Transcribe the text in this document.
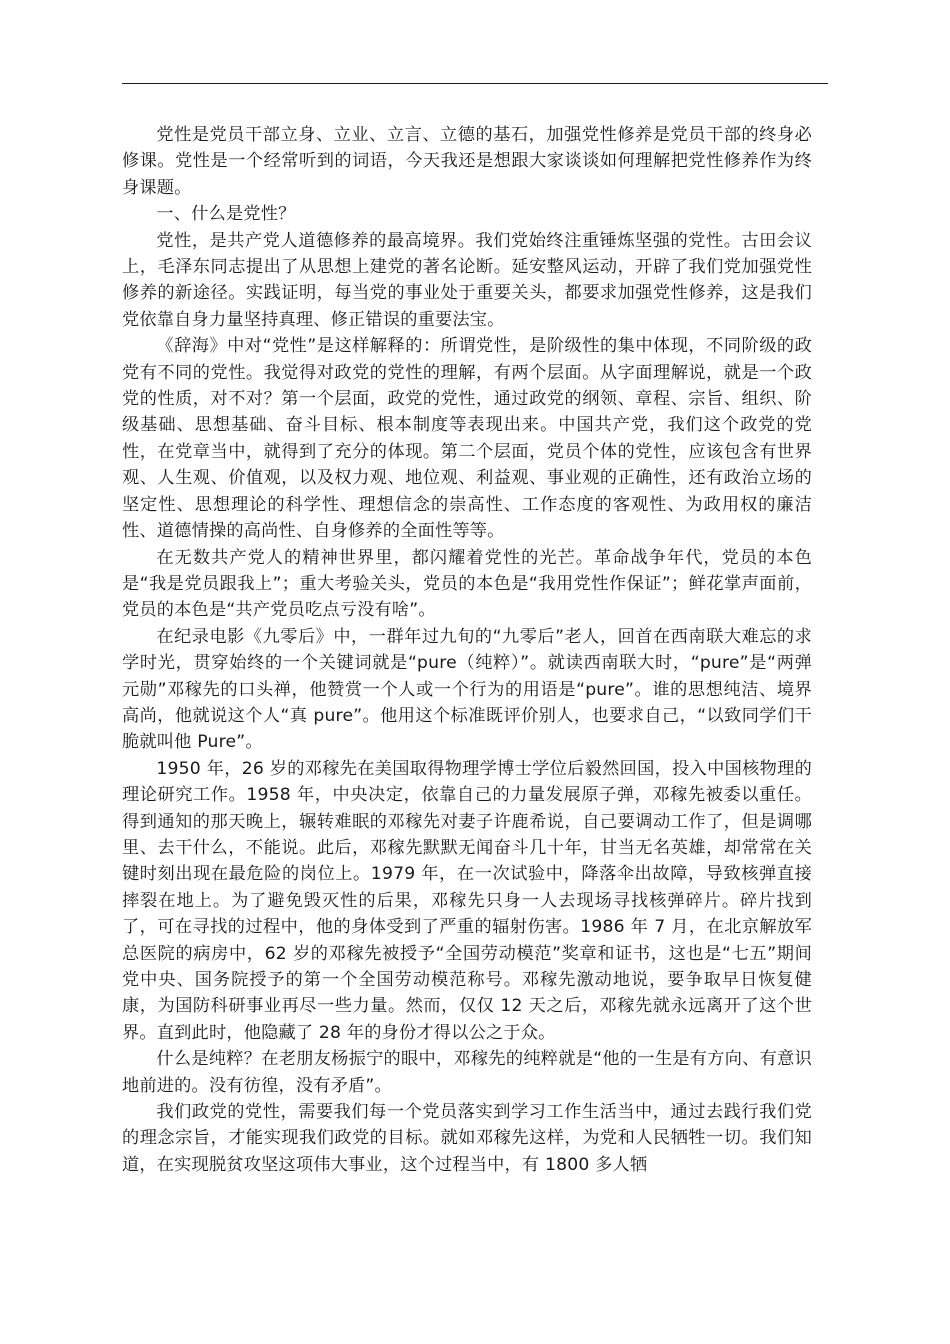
党性是党员干部立身、立业、立言、立德的基石，加强党性修养是党员干部的终身必修课。党性是一个经常听到的词语，今天我还是想跟大家谈谈如何理解把党性修养作为终身课题。

一、什么是党性？

党性，是共产党人道德修养的最高境界。我们党始终注重锤炼坚强的党性。古田会议上，毛泽东同志提出了从思想上建党的著名论断。延安整风运动，开辟了我们党加强党性修养的新途径。实践证明，每当党的事业处于重要关头，都要求加强党性修养，这是我们党依靠自身力量坚持真理、修正错误的重要法宝。

《辞海》中对“党性”是这样解释的：所谓党性，是阶级性的集中体现，不同阶级的政党有不同的党性。我觉得对政党的党性的理解，有两个层面。从字面理解说，就是一个政党的性质，对不对？第一个层面，政党的党性，通过政党的纲领、章程、宗旨、组织、阶级基础、思想基础、奋斗目标、根本制度等表现出来。中国共产党，我们这个政党的党性，在党章当中，就得到了充分的体现。第二个层面，党员个体的党性，应该包含有世界观、人生观、价值观，以及权力观、地位观、利益观、事业观的正确性，还有政治立场的坚定性、思想理论的科学性、理想信念的崇高性、工作态度的客观性、为政用权的廉洁性、道德情操的高尚性、自身修养的全面性等等。

在无数共产党人的精神世界里，都闪耀着党性的光芒。革命战争年代，党员的本色是“我是党员跟我上”；重大考验关头，党员的本色是“我用党性作保证”；鲜花掌声面前，党员的本色是“共产党员吃点亏没有啥”。

在纪录电影《九零后》中，一群年过九旬的“九零后”老人，回首在西南联大难忘的求学时光，贯穿始终的一个关键词就是“pure（纯粹）”。就读西南联大时，“pure”是“两弹元勋”邓稼先的口头禅，他赞赏一个人或一个行为的用语是“pure”。谁的思想纯洁、境界高尚，他就说这个人“真 pure”。他用这个标准既评价别人，也要求自己，“以致同学们干脆就叫他 Pure”。

1950 年，26 岁的邓稼先在美国取得物理学博士学位后毅然回国，投入中国核物理的理论研究工作。1958 年，中央决定，依靠自己的力量发展原子弹，邓稼先被委以重任。得到通知的那天晚上，辗转难眠的邓稼先对妻子许鹿希说，自己要调动工作了，但是调哪里、去干什么，不能说。此后，邓稼先默默无闻奋斗几十年，甘当无名英雄，却常常在关键时刻出现在最危险的岗位上。1979 年，在一次试验中，降落伞出故障，导致核弹直接摔裂在地上。为了避免毁灭性的后果，邓稼先只身一人去现场寻找核弹碎片。碎片找到了，可在寻找的过程中，他的身体受到了严重的辐射伤害。1986 年 7 月，在北京解放军总医院的病房中，62 岁的邓稼先被授予“全国劳动模范”奖章和证书，这也是“七五”期间党中央、国务院授予的第一个全国劳动模范称号。邓稼先激动地说，要争取早日恢复健康，为国防科研事业再尽一些力量。然而，仅仅 12 天之后，邓稼先就永远离开了这个世界。直到此时，他隐藏了 28 年的身份才得以公之于众。

什么是纯粹？在老朋友杨振宁的眼中，邓稼先的纯粹就是“他的一生是有方向、有意识地前进的。没有彷徨，没有矛盾”。

我们政党的党性，需要我们每一个党员落实到学习工作生活当中，通过去践行我们党的理念宗旨，才能实现我们政党的目标。就如邓稼先这样，为党和人民牺牲一切。我们知道，在实现脱贫攻坚这项伟大事业，这个过程当中，有 1800 多人牺
